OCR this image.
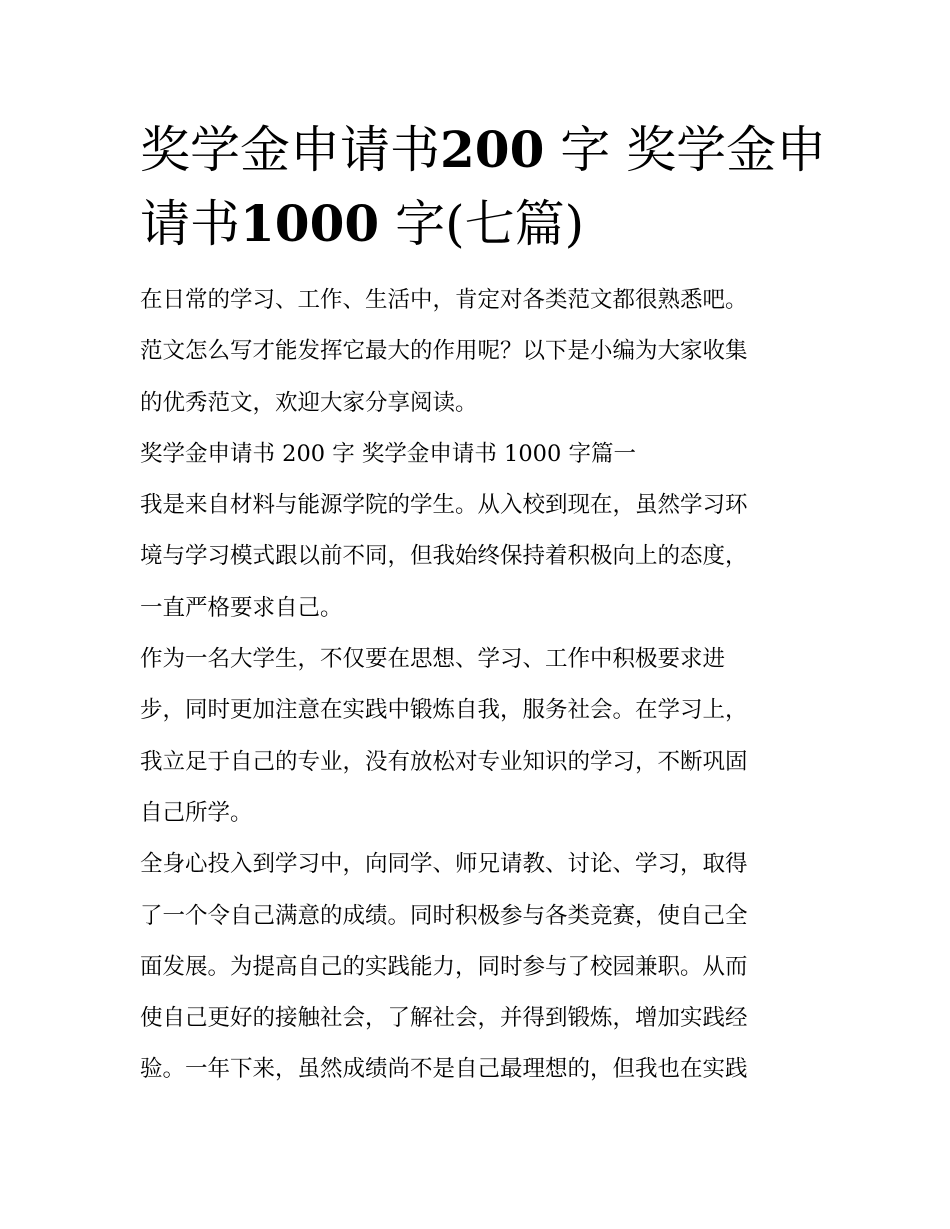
奖学金申请书200 字 奖学金申
请书1000 字(七篇)
在日常的学习、工作、生活中，肯定对各类范文都很熟悉吧。
范文怎么写才能发挥它最大的作用呢？以下是小编为大家收集
的优秀范文，欢迎大家分享阅读。
奖学金申请书 200 字 奖学金申请书 1000 字篇一
我是来自材料与能源学院的学生。从入校到现在，虽然学习环
境与学习模式跟以前不同，但我始终保持着积极向上的态度，
一直严格要求自己。
作为一名大学生，不仅要在思想、学习、工作中积极要求进
步，同时更加注意在实践中锻炼自我，服务社会。在学习上，
我立足于自己的专业，没有放松对专业知识的学习，不断巩固
自己所学。
全身心投入到学习中，向同学、师兄请教、讨论、学习，取得
了一个令自己满意的成绩。同时积极参与各类竞赛，使自己全
面发展。为提高自己的实践能力，同时参与了校园兼职。从而
使自己更好的接触社会，了解社会，并得到锻炼，增加实践经
验。一年下来，虽然成绩尚不是自己最理想的，但我也在实践
